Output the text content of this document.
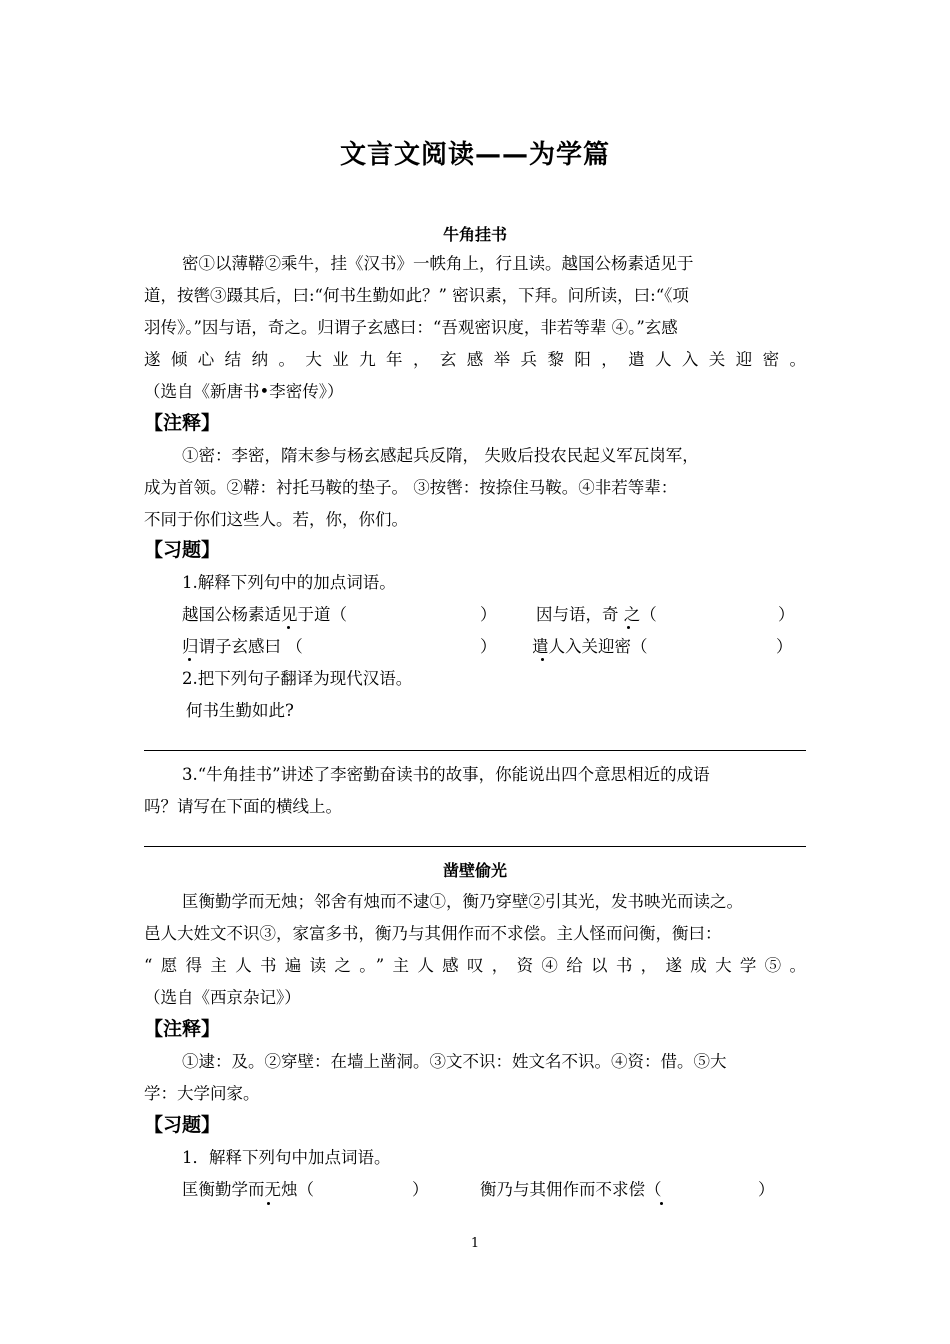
文言文阅读——为学篇
牛角挂书
密①以薄鞯②乘牛，挂《汉书》一帙角上，行且读。越国公杨素适见于
道，按辔③蹑其后，曰:“何书生勤如此？” 密识素，下拜。问所读，曰:“《项
羽传》。”因与语，奇之。归谓子玄感曰：“吾观密识度，非若等辈 ④。”玄感
遂倾心结纳。大业九年，玄感举兵黎阳，遣人入关迎密。
（选自《新唐书•李密传》）
【注释】
①密：李密，隋末参与杨玄感起兵反隋， 失败后投农民起义军瓦岗军，
成为首领。②鞯：衬托马鞍的垫子。 ③按辔：按捺住马鞍。④非若等辈：
不同于你们这些人。若，你，你们。
【习题】
1.解释下列句中的加点词语。
越国公杨素适见于道（	） 因与语，奇 之（	）
归谓子玄感曰 （	） 遣人入关迎密（	）
2.把下列句子翻译为现代汉语。
何书生勤如此?
3.“牛角挂书”讲述了李密勤奋读书的故事，你能说出四个意思相近的成语
吗？请写在下面的横线上。
凿壁偷光
匡衡勤学而无烛；邻舍有烛而不逮①，衡乃穿壁②引其光，发书映光而读之。
邑人大姓文不识③，家富多书，衡乃与其佣作而不求偿。主人怪而问衡，衡曰：
“愿得主人书遍读之。”主人感叹，资④给以书，遂成大学⑤。
（选自《西京杂记》）
【注释】
①逮：及。②穿壁：在墙上凿洞。③文不识：姓文名不识。④资：借。⑤大
学：大学问家。
【习题】
1．解释下列句中加点词语。
匡衡勤学而无烛（	）	衡乃与其佣作而不求偿（	）
1
